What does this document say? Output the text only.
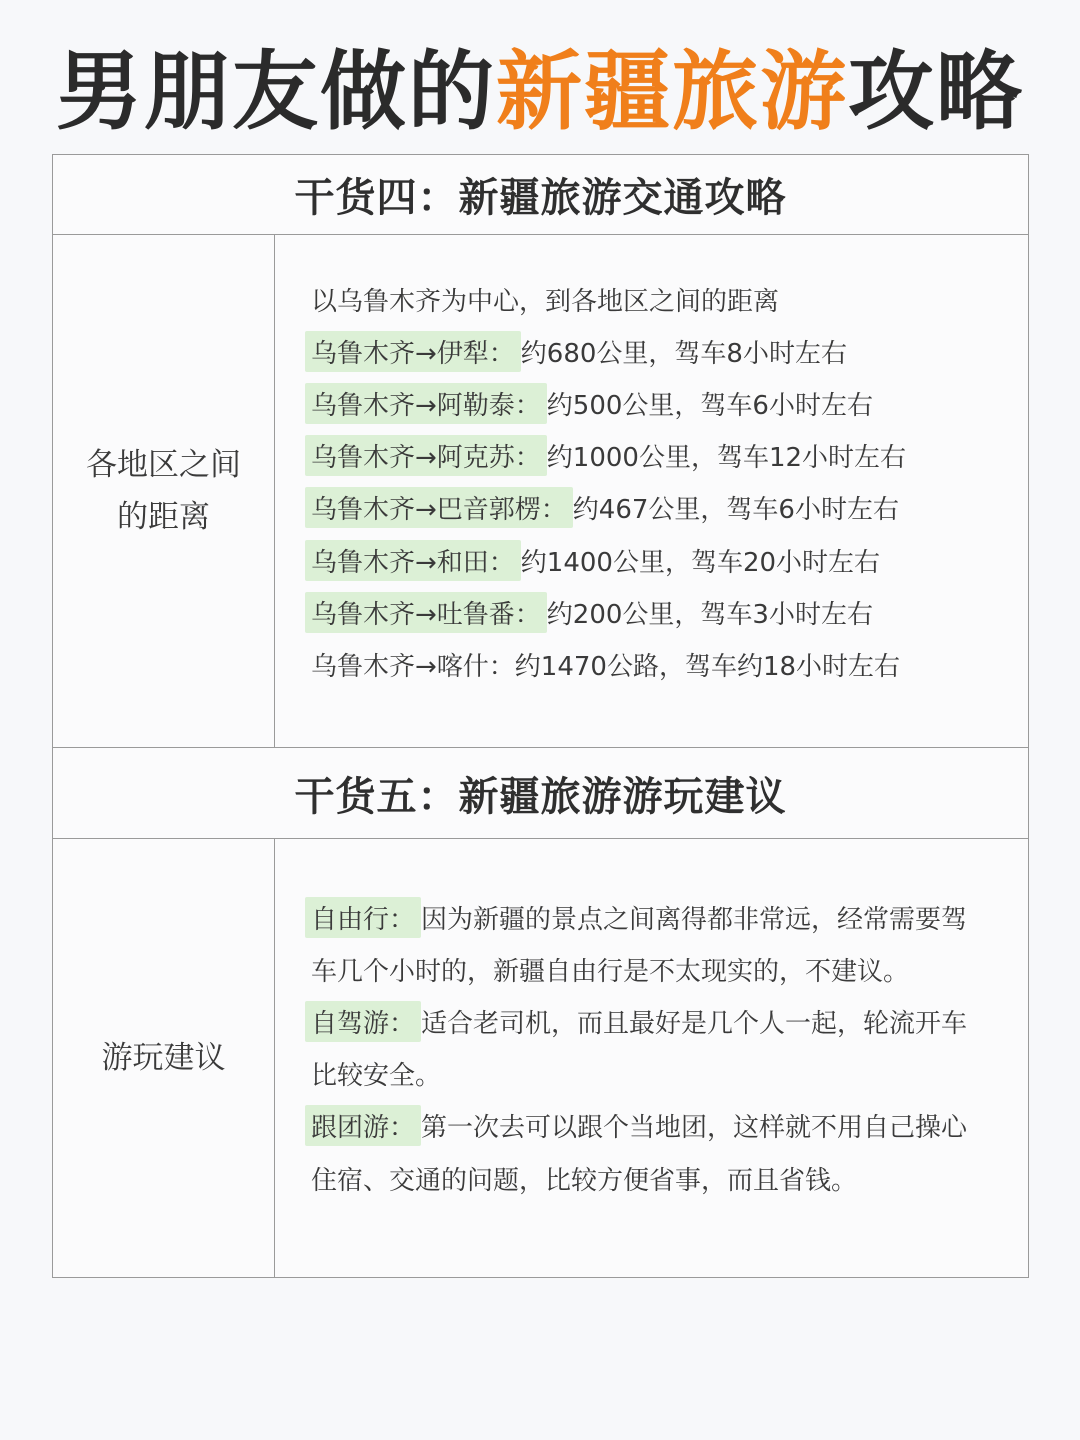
男朋友做的新疆旅游攻略
干货四：新疆旅游交通攻略
各地区之间
的距离
以乌鲁木齐为中心，到各地区之间的距离
乌鲁木齐→伊犁： 约680公里，驾车8小时左右
乌鲁木齐→阿勒泰： 约500公里，驾车6小时左右
乌鲁木齐→阿克苏： 约1000公里，驾车12小时左右
乌鲁木齐→巴音郭楞： 约467公里，驾车6小时左右
乌鲁木齐→和田： 约1400公里，驾车20小时左右
乌鲁木齐→吐鲁番： 约200公里，驾车3小时左右
乌鲁木齐→喀什： 约1470公路，驾车约18小时左右
干货五：新疆旅游游玩建议
游玩建议
自由行： 因为新疆的景点之间离得都非常远，经常需要驾
车几个小时的，新疆自由行是不太现实的，不建议。
自驾游： 适合老司机，而且最好是几个人一起，轮流开车
比较安全。
跟团游： 第一次去可以跟个当地团，这样就不用自己操心
住宿、交通的问题，比较方便省事，而且省钱。
